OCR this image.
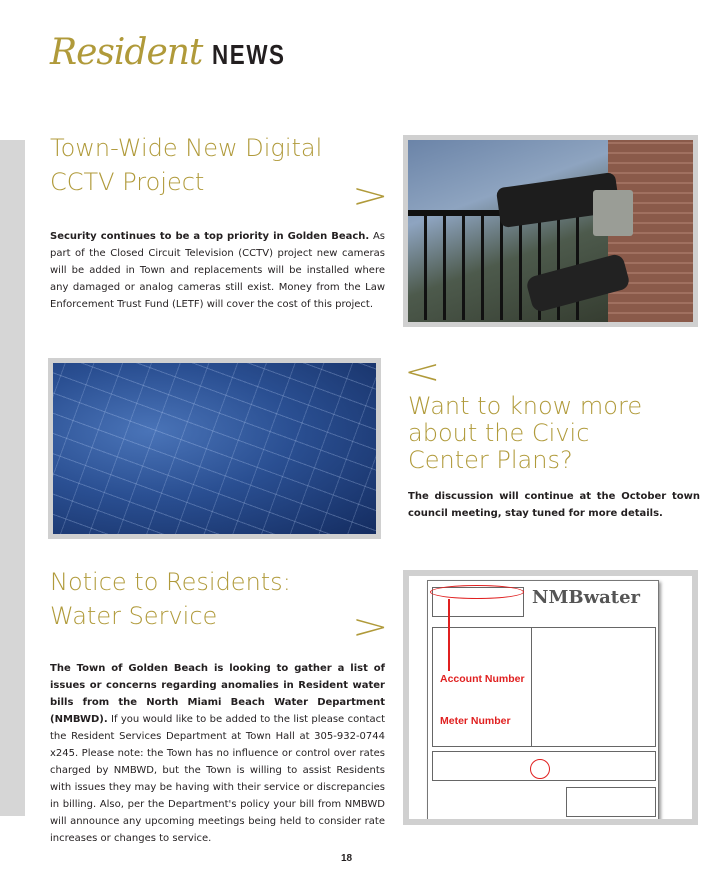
Resident NEWS
Town-Wide New Digital
CCTV Project	>
Security continues to be a top priority in Golden Beach. As part of the Closed Circuit Television (CCTV) project new cameras will be added in Town and replacements will be installed where any damaged or analog cameras still exist. Money from the Law Enforcement Trust Fund (LETF) will cover the cost of this project.
<
Want to know more
about the Civic
Center Plans?
The discussion will continue at the October town council meeting, stay tuned for more details.
Notice to Residents:
Water Service	>
The Town of Golden Beach is looking to gather a list of issues or concerns regarding anomalies in Resident water bills from the North Miami Beach Water Department (NMBWD). If you would like to be added to the list please contact the Resident Services Department at Town Hall at 305-932-0744 x245. Please note: the Town has no influence or control over rates charged by NMBWD, but the Town is willing to assist Residents with issues they may be having with their service or discrepancies in billing. Also, per the Department's policy your bill from NMBWD will announce any upcoming meetings being held to consider rate increases or changes to service.
NMBwater
Account Number
Meter Number
18
